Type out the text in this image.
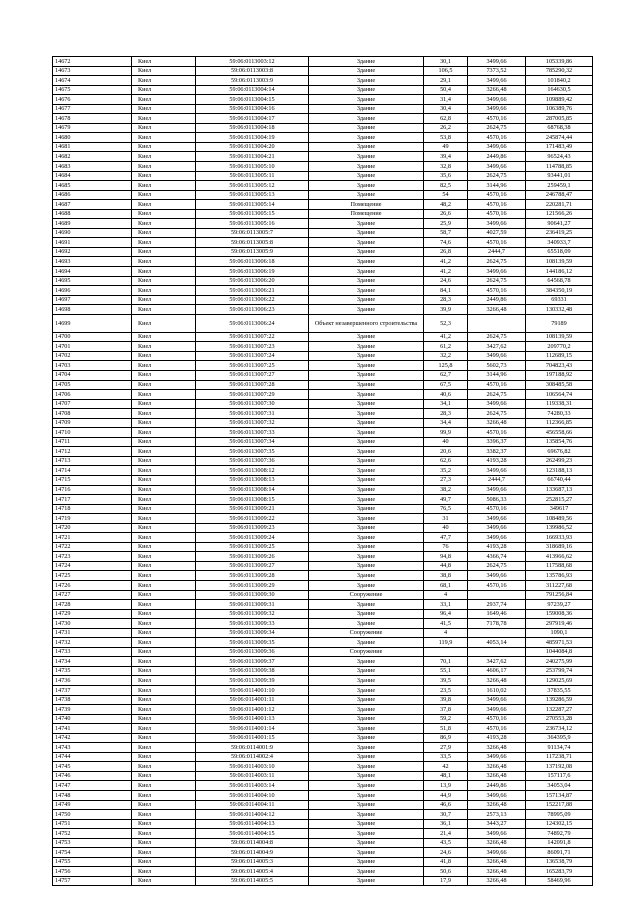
14672	Киел	59:06:0113003:12	Здание	30,1	3499,66	105339,86
14673	Киел	59:06:0113003:8	Здание	106,5	7373,52	785290,32
14674	Киел	59:06:0113003:9	Здание	29,1	3499,66	101840,2
14675	Киел	59:06:0113004:14	Здание	50,4	3266,48	164630,5
14676	Киел	59:06:0113004:15	Здание	31,4	3499,66	109889,42
14677	Киел	59:06:0113004:16	Здание	30,4	3499,66	106389,76
14678	Киел	59:06:0113004:17	Здание	62,8	4570,16	287005,85
14679	Киел	59:06:0113004:18	Здание	26,2	2624,75	68768,38
14680	Киел	59:06:0113004:19	Здание	53,8	4570,16	245874,44
14681	Киел	59:06:0113004:20	Здание	49	3499,66	171483,49
14682	Киел	59:06:0113004:21	Здание	39,4	2449,86	96524,43
14683	Киел	59:06:0113005:10	Здание	32,8	3499,66	114788,85
14684	Киел	59:06:0113005:11	Здание	35,6	2624,75	93441,01
14685	Киел	59:06:0113005:12	Здание	82,5	3144,96	259459,1
14686	Киел	59:06:0113005:13	Здание	54	4570,16	246788,47
14687	Киел	59:06:0113005:14	Помещение	48,2	4570,16	220281,71
14688	Киел	59:06:0113005:15	Помещение	26,6	4570,16	121566,26
14689	Киел	59:06:0113005:16	Здание	25,9	3499,66	90641,27
14690	Киел	59:06:0113005:7	Здание	58,7	4027,59	236419,25
14691	Киел	59:06:0113005:8	Здание	74,6	4570,16	340933,7
14692	Киел	59:06:0113005:9	Здание	26,8	2444,7	65518,09
14693	Киел	59:06:0113006:18	Здание	41,2	2624,75	108139,59
14694	Киел	59:06:0113006:19	Здание	41,2	3499,66	144186,12
14695	Киел	59:06:0113006:20	Здание	24,6	2624,75	64568,78
14696	Киел	59:06:0113006:21	Здание	84,1	4570,16	384350,19
14697	Киел	59:06:0113006:22	Здание	28,3	2449,86	69331
14698	Киел	59:06:0113006:23	Здание	39,9	3266,48	130332,48
14699	Киел	59:06:0113006:24	Объект незавершенного строительства	52,3		79189
14700	Киел	59:06:0113007:22	Здание	41,2	2624,75	108139,59
14701	Киел	59:06:0113007:23	Здание	61,2	3427,62	209770,2
14702	Киел	59:06:0113007:24	Здание	32,2	3499,66	112689,15
14703	Киел	59:06:0113007:25	Здание	125,8	5602,73	704823,43
14704	Киел	59:06:0113007:27	Здание	62,7	3144,96	197188,92
14705	Киел	59:06:0113007:28	Здание	67,5	4570,16	308485,58
14706	Киел	59:06:0113007:29	Здание	40,6	2624,75	106564,74
14707	Киел	59:06:0113007:30	Здание	34,1	3499,66	119338,31
14708	Киел	59:06:0113007:31	Здание	28,3	2624,75	74280,33
14709	Киел	59:06:0113007:32	Здание	34,4	3266,48	112366,85
14710	Киел	59:06:0113007:33	Здание	99,9	4570,16	456558,66
14711	Киел	59:06:0113007:34	Здание	40	3396,37	135854,76
14712	Киел	59:06:0113007:35	Здание	20,6	3382,37	69676,82
14713	Киел	59:06:0113007:36	Здание	62,6	4193,28	262499,23
14714	Киел	59:06:0113008:12	Здание	35,2	3499,66	123188,13
14715	Киел	59:06:0113008:13	Здание	27,3	2444,7	66740,44
14716	Киел	59:06:0113008:14	Здание	38,2	3499,66	133687,13
14717	Киел	59:06:0113008:15	Здание	49,7	5086,33	252815,27
14718	Киел	59:06:0113009:21	Здание	76,5	4570,16	349617
14719	Киел	59:06:0113009:22	Здание	31	3499,66	108489,56
14720	Киел	59:06:0113009:23	Здание	40	3499,66	139986,52
14721	Киел	59:06:0113009:24	Здание	47,7	3499,66	166933,93
14722	Киел	59:06:0113009:25	Здание	76	4193,28	318689,16
14723	Киел	59:06:0113009:26	Здание	94,8	4366,74	413966,62
14724	Киел	59:06:0113009:27	Здание	44,8	2624,75	117588,68
14725	Киел	59:06:0113009:28	Здание	38,8	3499,66	135786,93
14726	Киел	59:06:0113009:29	Здание	68,1	4570,16	311227,68
14727	Киел	59:06:0113009:30	Сооружение	4		791256,84
14728	Киел	59:06:0113009:31	Здание	33,1	2937,74	97239,27
14729	Киел	59:06:0113009:32	Здание	96,4	1649,46	159008,36
14730	Киел	59:06:0113009:33	Здание	41,5	7178,78	297919,46
14731	Киел	59:06:0113009:34	Сооружение	4		1090,1
14732	Киел	59:06:0113009:35	Здание	119,9	4053,14	485971,53
14733	Киел	59:06:0113009:36	Сооружение			1044084,8
14734	Киел	59:06:0113009:37	Здание	70,1	3427,62	240275,99
14735	Киел	59:06:0113009:38	Здание	55,1	4606,17	253799,74
14736	Киел	59:06:0113009:39	Здание	39,5	3266,48	129025,69
14737	Киел	59:06:0114001:10	Здание	23,5	1610,02	37835,55
14738	Киел	59:06:0114001:11	Здание	39,8	3499,66	139286,59
14739	Киел	59:06:0114001:12	Здание	37,8	3499,66	132287,27
14740	Киел	59:06:0114001:13	Здание	59,2	4570,16	270553,28
14741	Киел	59:06:0114001:14	Здание	51,8	4570,16	236734,12
14742	Киел	59:06:0114001:15	Здание	86,9	4193,28	364395,9
14743	Киел	59:06:0114001:9	Здание	27,9	3266,48	91134,74
14744	Киел	59:06:0114002:4	Здание	33,5	3499,66	117238,71
14745	Киел	59:06:0114003:10	Здание	42	3266,48	137192,08
14746	Киел	59:06:0114003:11	Здание	48,1	3266,48	157117,6
14747	Киел	59:06:0114003:14	Здание	13,9	2449,86	34053,04
14748	Киел	59:06:0114004:10	Здание	44,9	3499,66	157134,87
14749	Киел	59:06:0114004:11	Здание	46,6	3266,48	152217,88
14750	Киел	59:06:0114004:12	Здание	30,7	2573,13	78995,09
14751	Киел	59:06:0114004:13	Здание	36,1	3443,27	124302,15
14752	Киел	59:06:0114004:15	Здание	21,4	3499,66	74892,79
14753	Киел	59:06:0114004:8	Здание	43,5	3266,48	142091,8
14754	Киел	59:06:0114004:9	Здание	24,6	3499,66	86091,71
14755	Киел	59:06:0114005:3	Здание	41,8	3266,48	136538,79
14756	Киел	59:06:0114005:4	Здание	50,6	3266,48	165283,79
14757	Киел	59:06:0114005:5	Здание	17,9	3266,48	58469,96
